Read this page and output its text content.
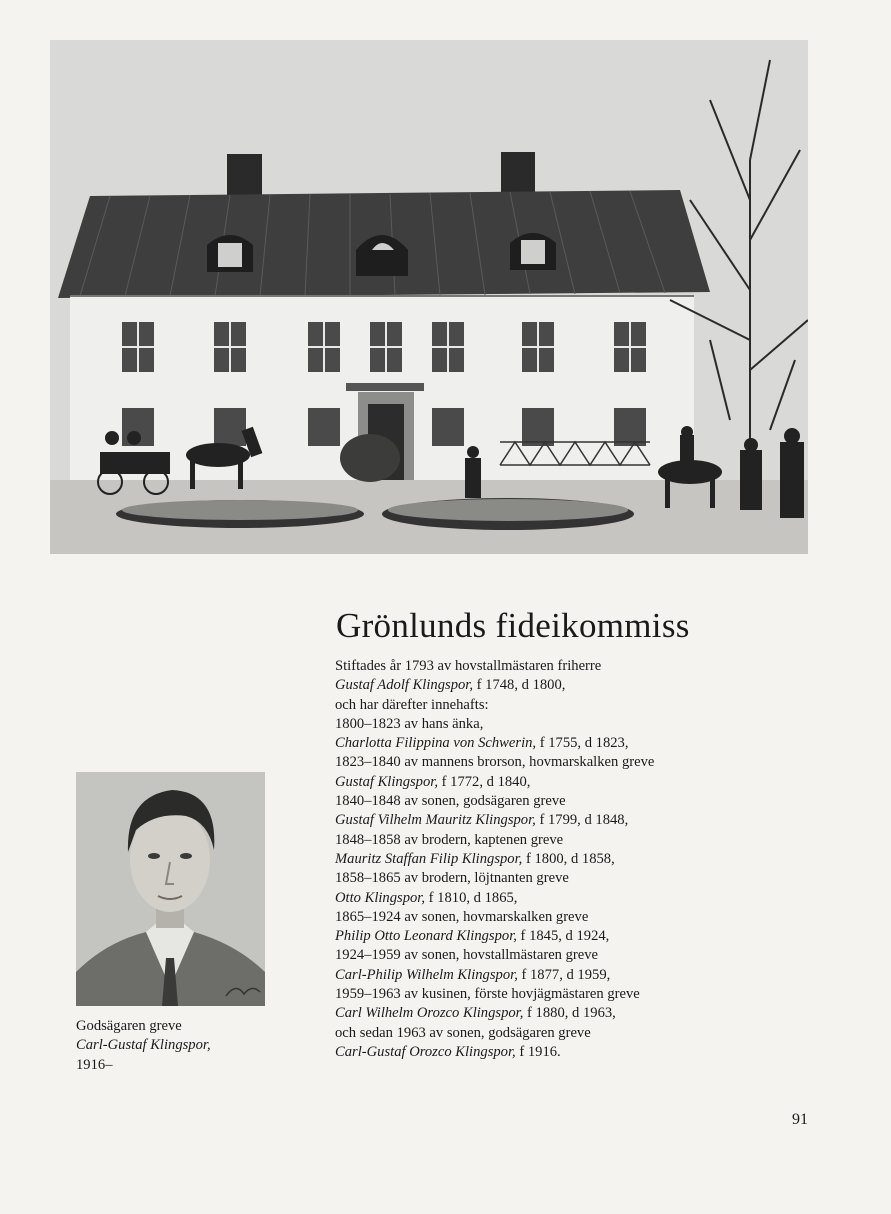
Grönlunds fideikommiss
Stiftades år 1793 av hovstallmästaren friherre
Gustaf Adolf Klingspor, f 1748, d 1800,
och har därefter innehafts:
1800–1823 av hans änka,
Charlotta Filippina von Schwerin, f 1755, d 1823,
1823–1840 av mannens brorson, hovmarskalken greve
Gustaf Klingspor, f 1772, d 1840,
1840–1848 av sonen, godsägaren greve
Gustaf Vilhelm Mauritz Klingspor, f 1799, d 1848,
1848–1858 av brodern, kaptenen greve
Mauritz Staffan Filip Klingspor, f 1800, d 1858,
1858–1865 av brodern, löjtnanten greve
Otto Klingspor, f 1810, d 1865,
1865–1924 av sonen, hovmarskalken greve
Philip Otto Leonard Klingspor, f 1845, d 1924,
1924–1959 av sonen, hovstallmästaren greve
Carl-Philip Wilhelm Klingspor, f 1877, d 1959,
1959–1963 av kusinen, förste hovjägmästaren greve
Carl Wilhelm Orozco Klingspor, f 1880, d 1963,
och sedan 1963 av sonen, godsägaren greve
Carl-Gustaf Orozco Klingspor, f 1916.
Godsägaren greve
Carl-Gustaf Klingspor,
1916–
91
